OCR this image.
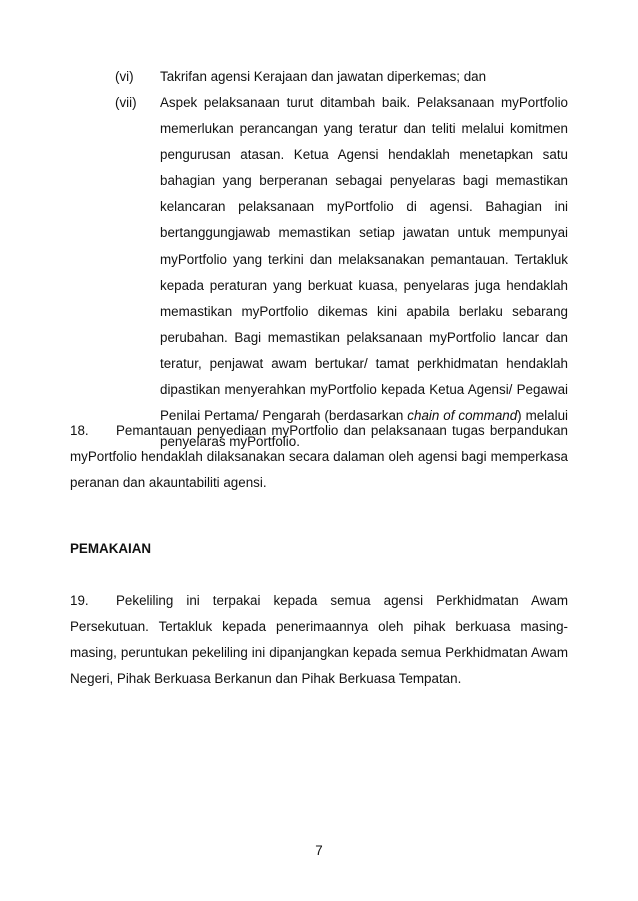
(vi) Takrifan agensi Kerajaan dan jawatan diperkemas; dan
(vii) Aspek pelaksanaan turut ditambah baik. Pelaksanaan myPortfolio memerlukan perancangan yang teratur dan teliti melalui komitmen pengurusan atasan. Ketua Agensi hendaklah menetapkan satu bahagian yang berperanan sebagai penyelaras bagi memastikan kelancaran pelaksanaan myPortfolio di agensi. Bahagian ini bertanggungjawab memastikan setiap jawatan untuk mempunyai myPortfolio yang terkini dan melaksanakan pemantauan. Tertakluk kepada peraturan yang berkuat kuasa, penyelaras juga hendaklah memastikan myPortfolio dikemas kini apabila berlaku sebarang perubahan. Bagi memastikan pelaksanaan myPortfolio lancar dan teratur, penjawat awam bertukar/ tamat perkhidmatan hendaklah dipastikan menyerahkan myPortfolio kepada Ketua Agensi/ Pegawai Penilai Pertama/ Pengarah (berdasarkan chain of command) melalui penyelaras myPortfolio.
18. Pemantauan penyediaan myPortfolio dan pelaksanaan tugas berpandukan myPortfolio hendaklah dilaksanakan secara dalaman oleh agensi bagi memperkasa peranan dan akauntabiliti agensi.
PEMAKAIAN
19. Pekeliling ini terpakai kepada semua agensi Perkhidmatan Awam Persekutuan. Tertakluk kepada penerimaannya oleh pihak berkuasa masing-masing, peruntukan pekeliling ini dipanjangkan kepada semua Perkhidmatan Awam Negeri, Pihak Berkuasa Berkanun dan Pihak Berkuasa Tempatan.
7
